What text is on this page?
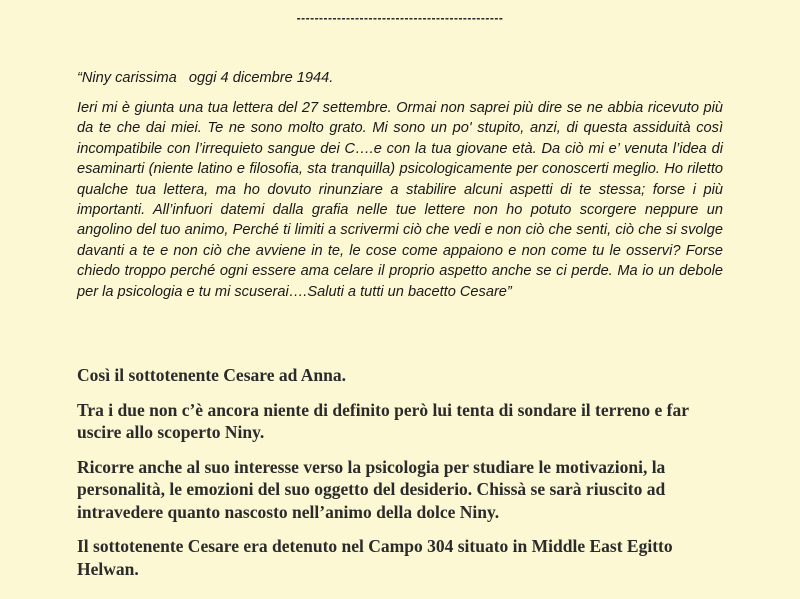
----------------------------------------------

“Niny carissima   oggi 4 dicembre 1944.

Ieri mi è giunta una tua lettera del 27 settembre. Ormai non saprei più dire se ne abbia ricevuto più da te che dai miei. Te ne sono molto grato. Mi sono un po' stupito, anzi, di questa assiduità così incompatibile con l’irrequieto sangue dei C….e con la tua giovane età. Da ciò mi e’ venuta l’idea di esaminarti (niente latino e filosofia, sta tranquilla) psicologicamente per conoscerti meglio. Ho riletto qualche tua lettera, ma ho dovuto rinunziare a stabilire alcuni aspetti di te stessa; forse i più importanti. All’infuori datemi dalla grafia nelle tue lettere non ho potuto scorgere neppure un angolino del tuo animo, Perché ti limiti a scrivermi ciò che vedi e non ciò che senti, ciò che si svolge davanti a te e non ciò che avviene in te, le cose come appaiono e non come tu le osservi? Forse chiedo troppo perché ogni essere ama celare il proprio aspetto anche se ci perde. Ma io un debole per la psicologia e tu mi scuserai….Saluti a tutti un bacetto Cesare”

Così il sottotenente Cesare ad Anna.

Tra i due non c’è ancora niente di definito però lui tenta di sondare il terreno e far uscire allo scoperto Niny.

Ricorre anche al suo interesse verso la psicologia per studiare le motivazioni, la personalità, le emozioni del suo oggetto del desiderio. Chissà se sarà riuscito ad intravedere quanto nascosto nell’animo della dolce Niny.

Il sottotenente Cesare era detenuto nel Campo 304 situato in Middle East Egitto Helwan.
